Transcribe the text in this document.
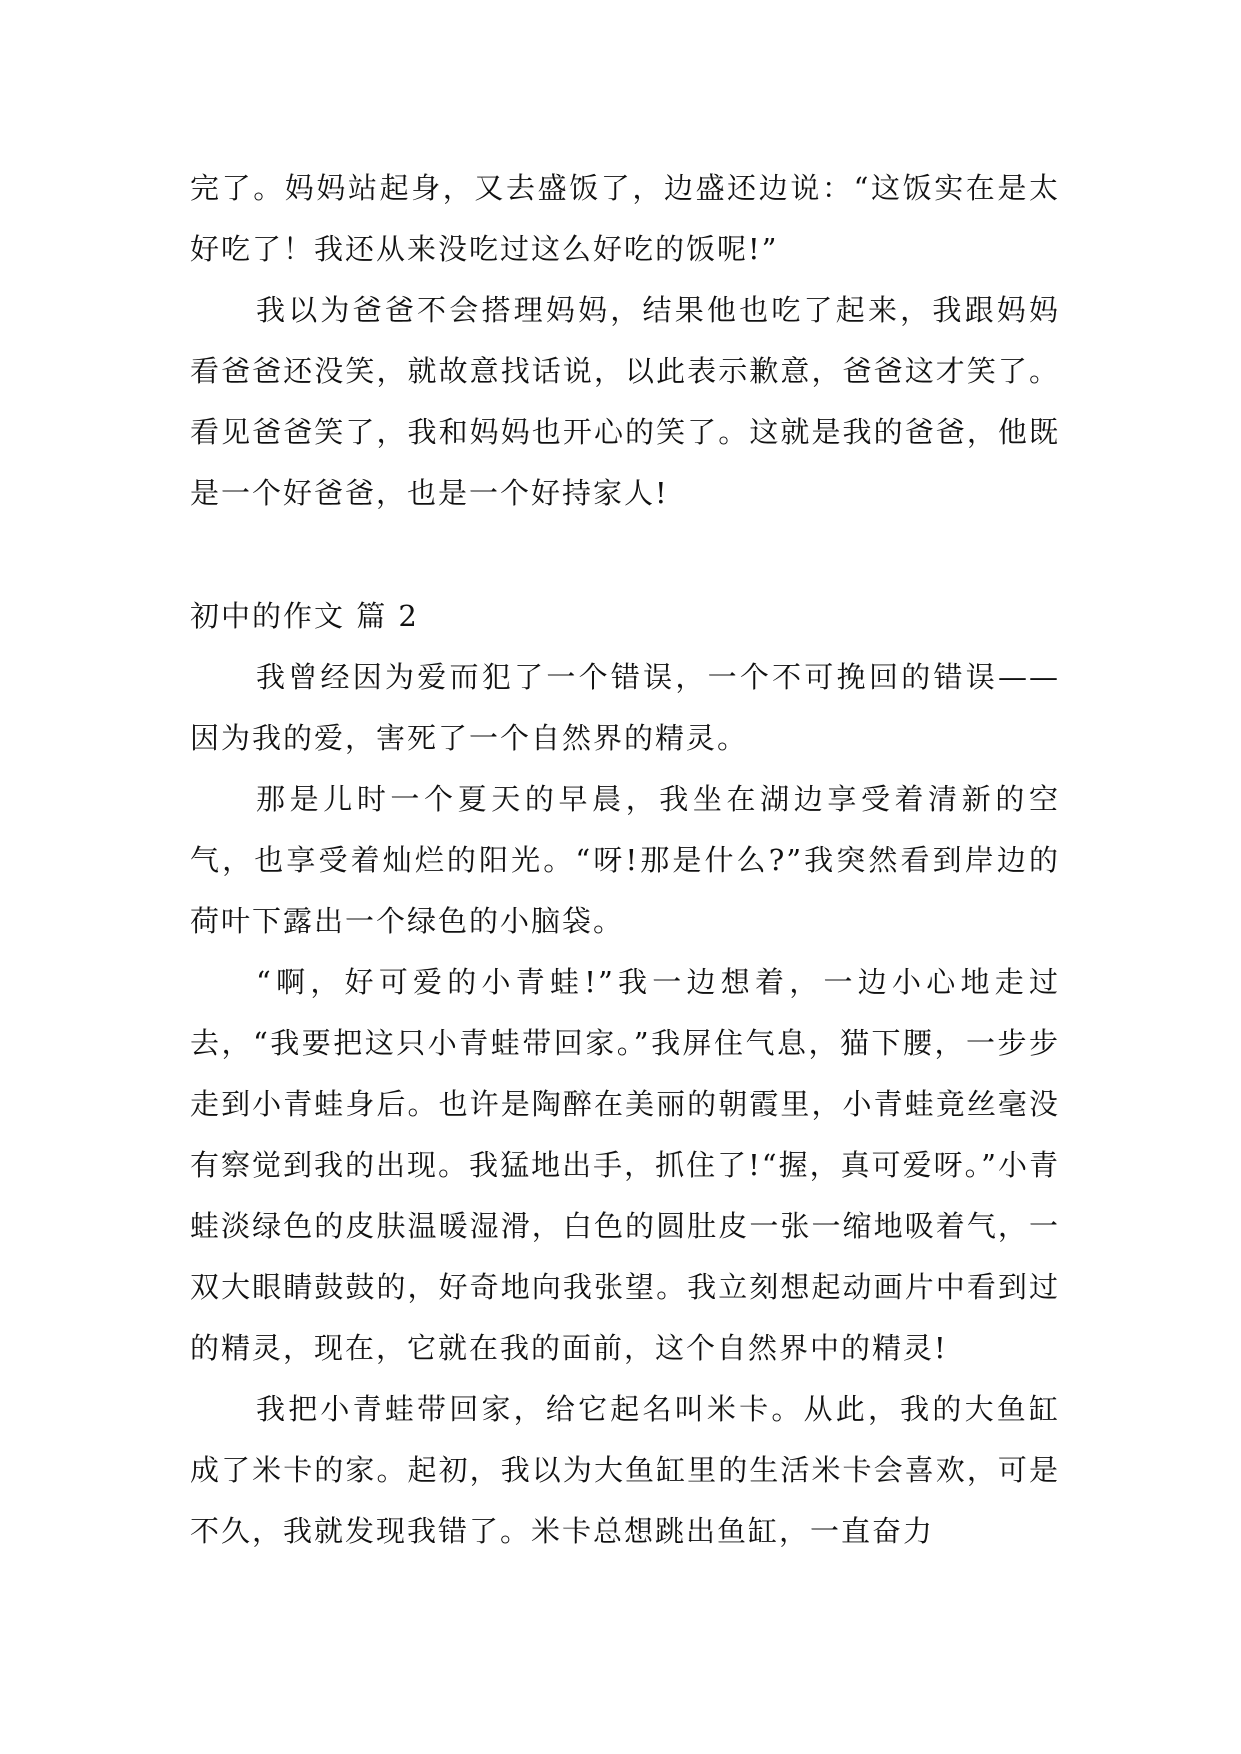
完了。妈妈站起身，又去盛饭了，边盛还边说：“这饭实在是太好吃了！我还从来没吃过这么好吃的饭呢!”

我以为爸爸不会搭理妈妈，结果他也吃了起来，我跟妈妈看爸爸还没笑，就故意找话说，以此表示歉意，爸爸这才笑了。看见爸爸笑了，我和妈妈也开心的笑了。这就是我的爸爸，他既是一个好爸爸，也是一个好持家人!

初中的作文 篇 2

我曾经因为爱而犯了一个错误，一个不可挽回的错误——因为我的爱，害死了一个自然界的精灵。

那是儿时一个夏天的早晨，我坐在湖边享受着清新的空气，也享受着灿烂的阳光。“呀!那是什么?”我突然看到岸边的荷叶下露出一个绿色的小脑袋。

“啊，好可爱的小青蛙!”我一边想着，一边小心地走过去，“我要把这只小青蛙带回家。”我屏住气息，猫下腰，一步步走到小青蛙身后。也许是陶醉在美丽的朝霞里，小青蛙竟丝毫没有察觉到我的出现。我猛地出手，抓住了!“握，真可爱呀。”小青蛙淡绿色的皮肤温暖湿滑，白色的圆肚皮一张一缩地吸着气，一双大眼睛鼓鼓的，好奇地向我张望。我立刻想起动画片中看到过的精灵，现在，它就在我的面前，这个自然界中的精灵!

我把小青蛙带回家，给它起名叫米卡。从此，我的大鱼缸成了米卡的家。起初，我以为大鱼缸里的生活米卡会喜欢，可是不久，我就发现我错了。米卡总想跳出鱼缸，一直奋力
